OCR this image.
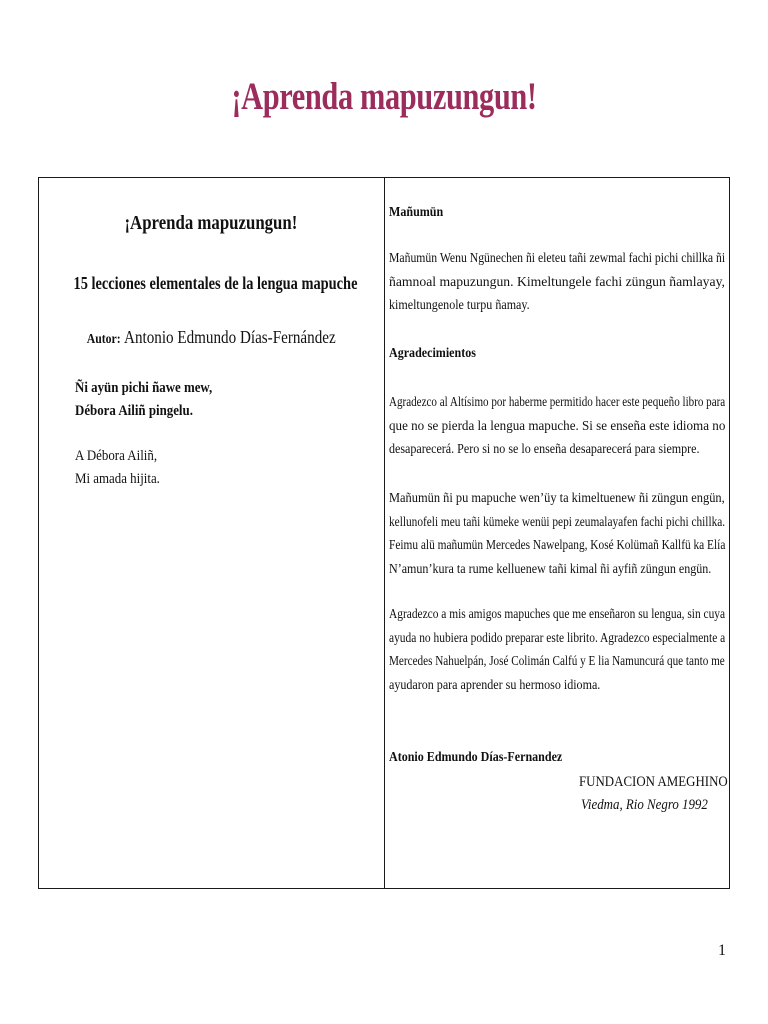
¡Aprenda mapuzungun!
¡Aprenda mapuzungun!
15 lecciones elementales de la lengua mapuche
Autor: Antonio Edmundo Días-Fernández
Ñi ayün pichi ñawe mew,
Débora Ailiñ pingelu.
A Débora Ailiñ,
Mi amada hijita.
Mañumün
Mañumün Wenu Ngünechen ñi eleteu tañi zewmal fachi pichi chillka ñi
ñamnoal mapuzungun. Kimeltungele fachi züngun ñamlayay,
kimeltungenole turpu ñamay.
Agradecimientos
Agradezco al Altísimo por haberme permitido hacer este pequeño libro para
que no se pierda la lengua mapuche. Si se enseña este idioma no
desaparecerá. Pero si no se lo enseña desaparecerá para siempre.
Mañumün ñi pu mapuche wen’üy ta kimeltuenew ñi züngun engün,
kellunofeli meu tañi kümeke wenüi pepi zeumalayafen fachi pichi chillka.
Feimu alü mañumün Mercedes Nawelpang, Kosé Kolümañ Kallfü ka Elía
N’amun’kura ta rume kelluenew tañi kimal ñi ayfiñ züngun engün.
Agradezco a mis amigos mapuches que me enseñaron su lengua, sin cuya
ayuda no hubiera podido preparar este librito. Agradezco especialmente a
Mercedes Nahuelpán, José Colimán Calfú y E lia Namuncurá que tanto me
ayudaron para aprender su hermoso idioma.
Atonio Edmundo Días-Fernandez
FUNDACION AMEGHINO
Viedma, Rio Negro 1992
1
